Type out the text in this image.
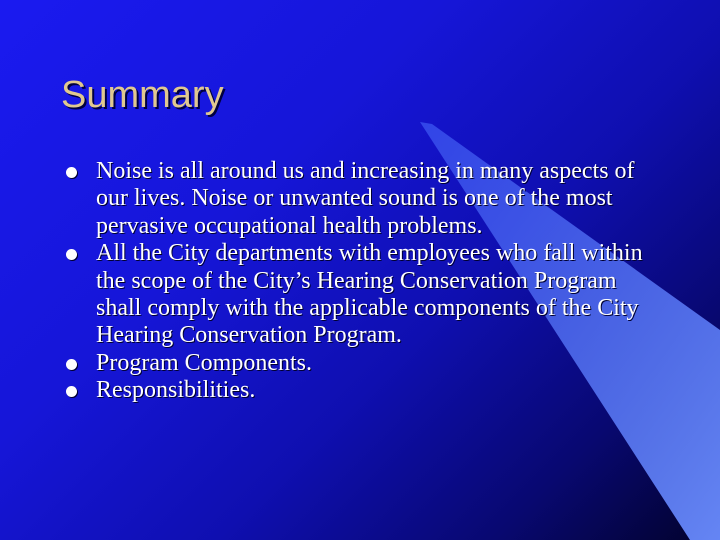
Summary
Noise is all around us and increasing in many aspects of our lives. Noise or unwanted sound is one of the most pervasive occupational health problems.
All the City departments with employees who fall within the scope of the City’s Hearing Conservation Program shall comply with the applicable components of the City Hearing Conservation Program.
Program Components.
Responsibilities.
